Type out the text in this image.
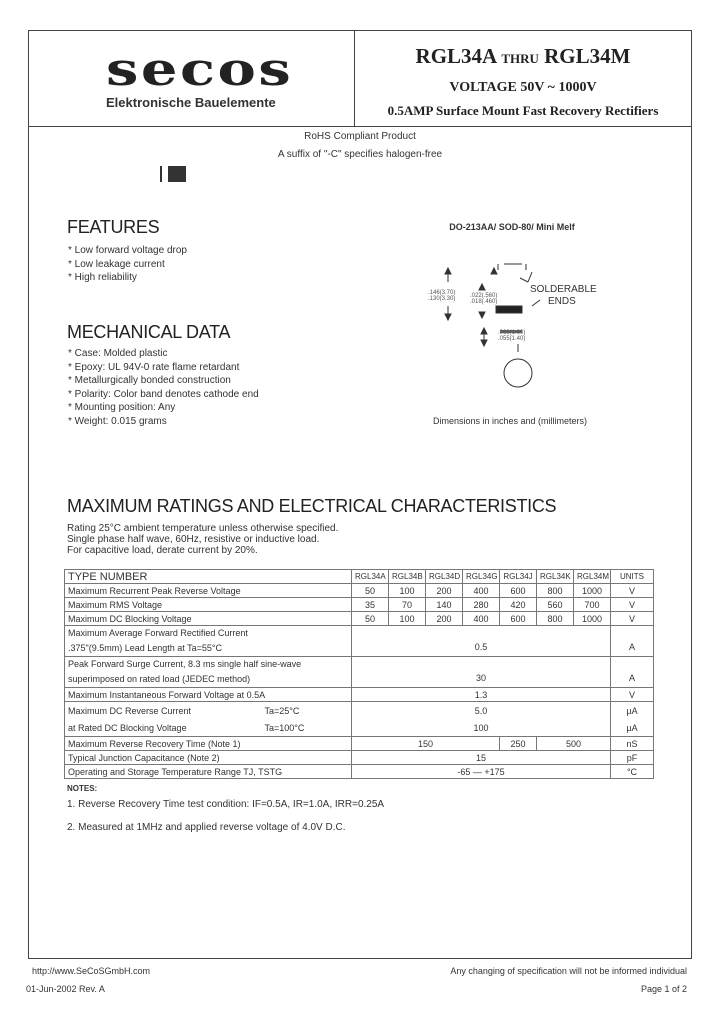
secos
Elektronische Bauelemente
RGL34A THRU RGL34M
VOLTAGE 50V ~ 1000V
0.5AMP Surface Mount Fast Recovery Rectifiers
RoHS Compliant Product
A suffix of "-C" specifies halogen-free
FEATURES
* Low forward voltage drop
* Low leakage current
* High reliability
MECHANICAL DATA
* Case: Molded plastic
* Epoxy: UL 94V-0 rate flame retardant
* Metallurgically bonded construction
* Polarity: Color band denotes cathode end
* Mounting position: Any
* Weight: 0.015 grams
DO-213AA/ SOD-80/ Mini Melf
.146(3.70)
.130(3.30) .022(.560)
.018(.460)
.063(1.60)
.055(1.40)
SOLDERABLE
ENDS
Dimensions in inches and (millimeters)
MAXIMUM RATINGS AND ELECTRICAL CHARACTERISTICS
Rating 25°C ambient temperature unless otherwise specified.
Single phase half wave, 60Hz, resistive or inductive load.
For capacitive load, derate current by 20%.
TYPE NUMBER	RGL34A	RGL34B	RGL34D	RGL34G	RGL34J	RGL34K	RGL34M	UNITS
Maximum Recurrent Peak Reverse Voltage	50	100	200	400	600	800	1000	V
Maximum RMS Voltage	35	70	140	280	420	560	700	V
Maximum DC Blocking Voltage	50	100	200	400	600	800	1000	V
Maximum Average Forward Rectified Current
.375"(9.5mm) Lead Length at Ta=55°C	0.5							A
Peak Forward Surge Current, 8.3 ms single half sine-wave
superimposed on rated load (JEDEC method)	30							A
Maximum Instantaneous Forward Voltage at 0.5A	1.3							V
Maximum DC Reverse Current Ta=25°C	5.0							µA
at Rated DC Blocking Voltage Ta=100°C	100							µA
Maximum Reverse Recovery Time (Note 1)	150				250	500		nS
Typical Junction Capacitance (Note 2)	15							pF
Operating and Storage Temperature Range TJ, TSTG	-65 — +175							°C
NOTES:
1. Reverse Recovery Time test condition: IF=0.5A, IR=1.0A, IRR=0.25A
2. Measured at 1MHz and applied reverse voltage of 4.0V D.C.
http://www.SeCoSGmbH.com	Any changing of specification will not be informed individual
01-Jun-2002 Rev. A	Page 1 of 2
